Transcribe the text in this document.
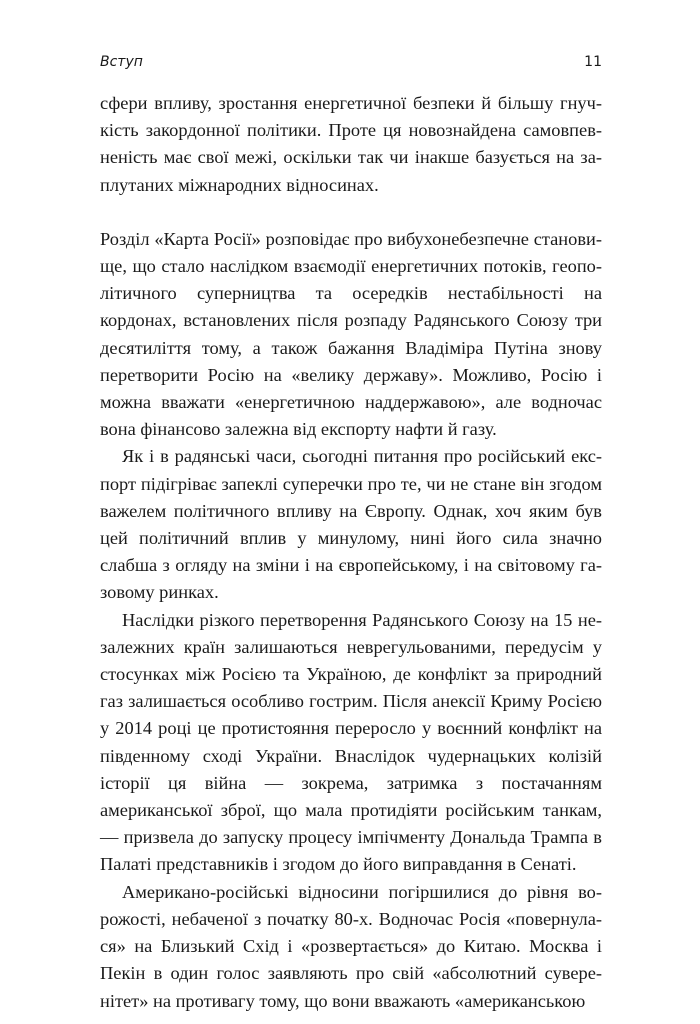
Вступ	11

сфери впливу, зростання енергетичної безпеки й більшу гнучкість закордонної політики. Проте ця новознайдена самовпевненість має свої межі, оскільки так чи інакше базується на заплутаних міжнародних відносинах.

Розділ «Карта Росії» розповідає про вибухонебезпечне становище, що стало наслідком взаємодії енергетичних потоків, геополітичного суперництва та осередків нестабільності на кордонах, встановлених після розпаду Радянського Союзу три десятиліття тому, а також бажання Владіміра Путіна знову перетворити Росію на «велику державу». Можливо, Росію і можна вважати «енергетичною наддержавою», але водночас вона фінансово залежна від експорту нафти й газу.

Як і в радянські часи, сьогодні питання про російський експорт підігріває запеклі суперечки про те, чи не стане він згодом важелем політичного впливу на Європу. Однак, хоч яким був цей політичний вплив у минулому, нині його сила значно слабша з огляду на зміни і на європейському, і на світовому газовому ринках.

Наслідки різкого перетворення Радянського Союзу на 15 незалежних країн залишаються неврегульованими, передусім у стосунках між Росією та Україною, де конфлікт за природний газ залишається особливо гострим. Після анексії Криму Росією у 2014 році це протистояння переросло у воєнний конфлікт на південному сході України. Внаслідок чудернацьких колізій історії ця війна — зокрема, затримка з постачанням американської зброї, що мала протидіяти російським танкам, — призвела до запуску процесу імпічменту Дональда Трампа в Палаті представників і згодом до його виправдання в Сенаті.

Американо-російські відносини погіршилися до рівня ворожості, небаченої з початку 80-х. Водночас Росія «повернулася» на Близький Схід і «розвертається» до Китаю. Москва і Пекін в один голос заявляють про свій «абсолютний суверенітет» на противагу тому, що вони вважають «американською
